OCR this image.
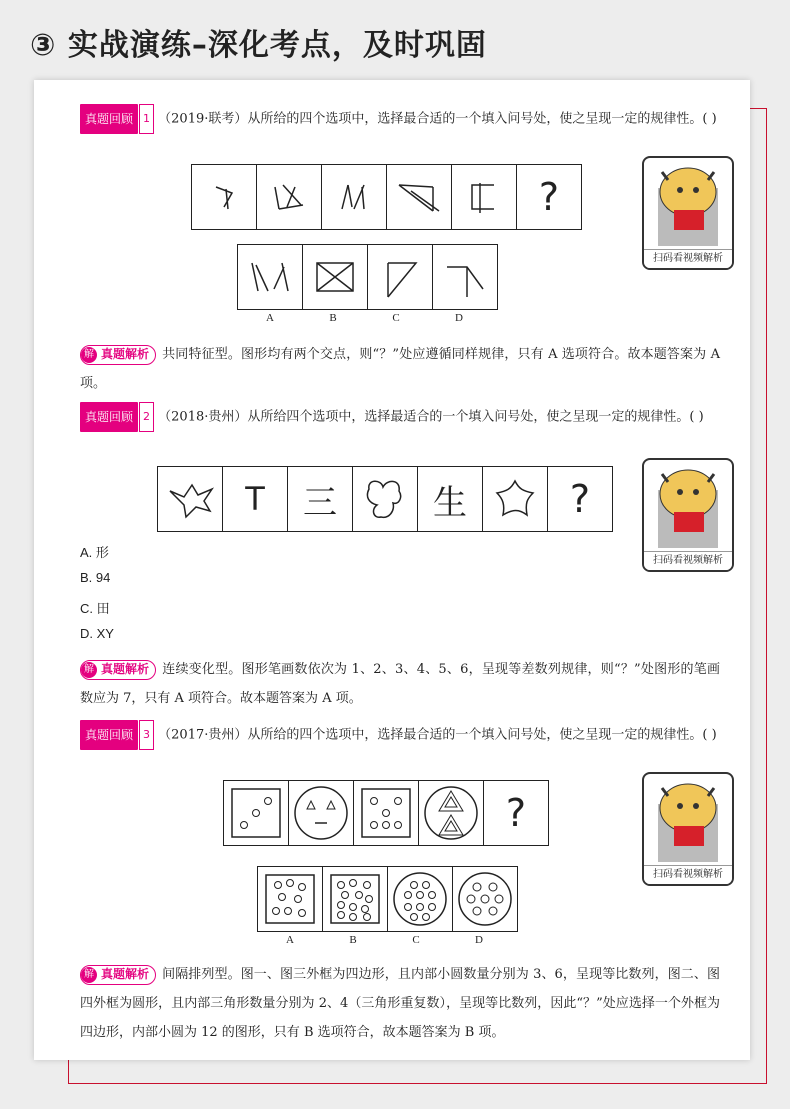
③ 实战演练–深化考点，及时巩固
真题回顾 1 （2019·联考）从所给的四个选项中，选择最合适的一个填入问号处，使之呈现一定的规律性。( )
?
A	B	C	D
扫码看视频解析
解 真题解析 共同特征型。图形均有两个交点，则“？”处应遵循同样规律，只有 A 选项符合。故本题答案为 A 项。
真题回顾 2 （2018·贵州）从所给四个选项中，选择最适合的一个填入问号处，使之呈现一定的规律性。( )
T 三	生	?
扫码看视频解析
A. 形
B. 94
C. 田
D. XY
解 真题解析 连续变化型。图形笔画数依次为 1、2、3、4、5、6，呈现等差数列规律，则“？”处图形的笔画数应为 7，只有 A 项符合。故本题答案为 A 项。
真题回顾 3 （2017·贵州）从所给的四个选项中，选择最合适的一个填入问号处，使之呈现一定的规律性。( )
?
A	B	C	D
扫码看视频解析
解 真题解析 间隔排列型。图一、图三外框为四边形，且内部小圆数量分别为 3、6，呈现等比数列，图二、图四外框为圆形，且内部三角形数量分别为 2、4（三角形重复数），呈现等比数列，因此“？”处应选择一个外框为四边形，内部小圆为 12 的图形，只有 B 选项符合，故本题答案为 B 项。
